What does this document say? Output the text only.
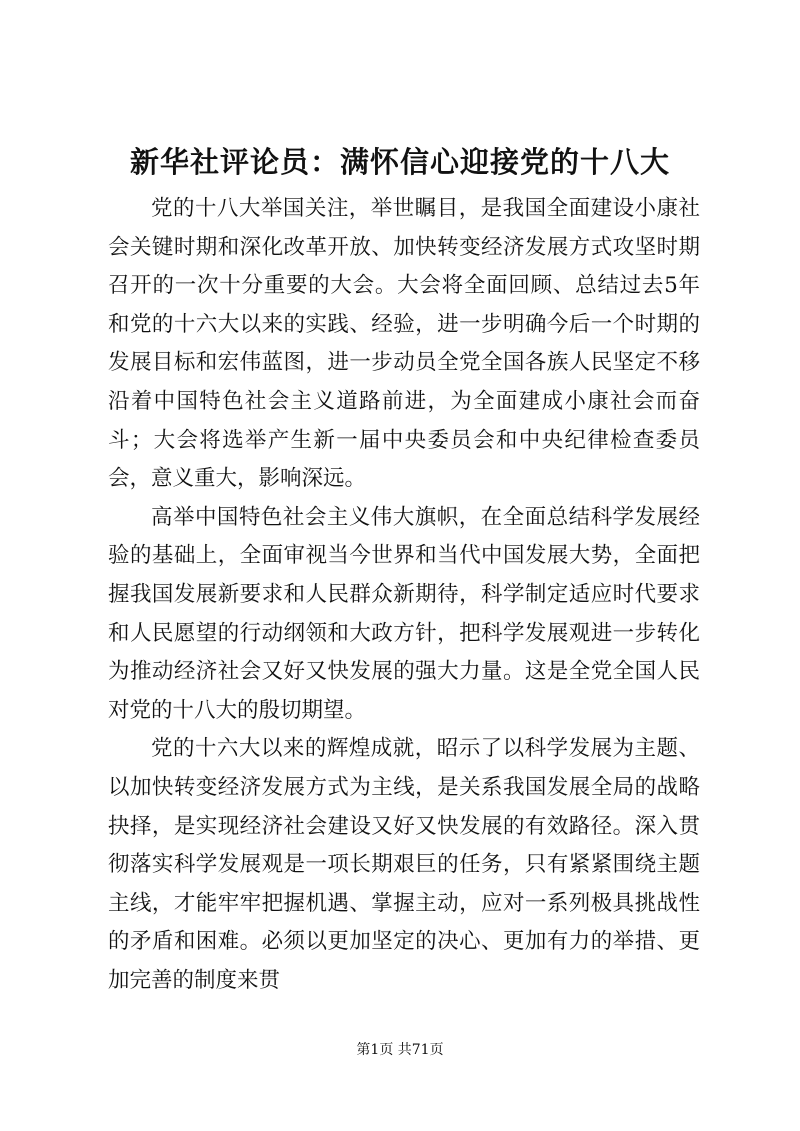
新华社评论员：满怀信心迎接党的十八大

党的十八大举国关注，举世瞩目，是我国全面建设小康社会关键时期和深化改革开放、加快转变经济发展方式攻坚时期召开的一次十分重要的大会。大会将全面回顾、总结过去5年和党的十六大以来的实践、经验，进一步明确今后一个时期的发展目标和宏伟蓝图，进一步动员全党全国各族人民坚定不移沿着中国特色社会主义道路前进，为全面建成小康社会而奋斗；大会将选举产生新一届中央委员会和中央纪律检查委员会，意义重大，影响深远。

高举中国特色社会主义伟大旗帜，在全面总结科学发展经验的基础上，全面审视当今世界和当代中国发展大势，全面把握我国发展新要求和人民群众新期待，科学制定适应时代要求和人民愿望的行动纲领和大政方针，把科学发展观进一步转化为推动经济社会又好又快发展的强大力量。这是全党全国人民对党的十八大的殷切期望。

党的十六大以来的辉煌成就，昭示了以科学发展为主题、以加快转变经济发展方式为主线，是关系我国发展全局的战略抉择，是实现经济社会建设又好又快发展的有效路径。深入贯彻落实科学发展观是一项长期艰巨的任务，只有紧紧围绕主题主线，才能牢牢把握机遇、掌握主动，应对一系列极具挑战性的矛盾和困难。必须以更加坚定的决心、更加有力的举措、更加完善的制度来贯

第1页 共71页
